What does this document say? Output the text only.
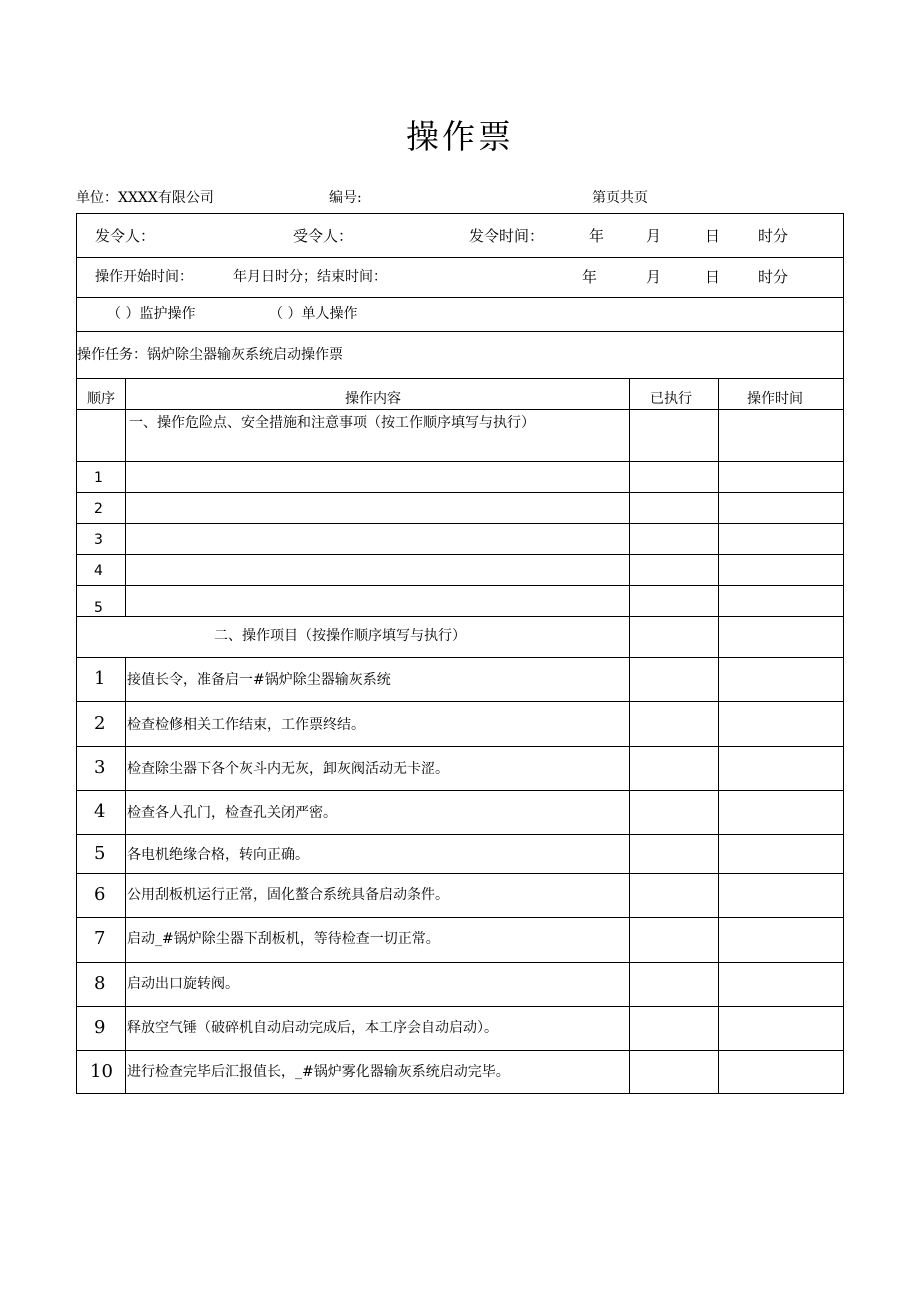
操作票
单位：XXXX有限公司	编号:	第页共页
发令人：	受令人：	发令时间：	年	月	日	时分
操作开始时间：	年月日时分；结束时间：	年	月	日	时分
（ ）监护操作	（ ）单人操作
操作任务：锅炉除尘器输灰系统启动操作票
顺序	操作内容	已执行	操作时间
一、操作危险点、安全措施和注意事项（按工作顺序填写与执行）
1
2
3
4
5
二、操作项目（按操作顺序填写与执行）
1 接值长令，准备启一#锅炉除尘器输灰系统
2 检查检修相关工作结束，工作票终结。
3 检查除尘器下各个灰斗内无灰，卸灰阀活动无卡涩。
4 检查各人孔门，检查孔关闭严密。
5 各电机绝缘合格，转向正确。
6 公用刮板机运行正常，固化螯合系统具备启动条件。
7 启动_#锅炉除尘器下刮板机，等待检查一切正常。
8 启动出口旋转阀。
9 释放空气锤（破碎机自动启动完成后，本工序会自动启动）。
10 进行检查完毕后汇报值长，_#锅炉雾化器输灰系统启动完毕。
